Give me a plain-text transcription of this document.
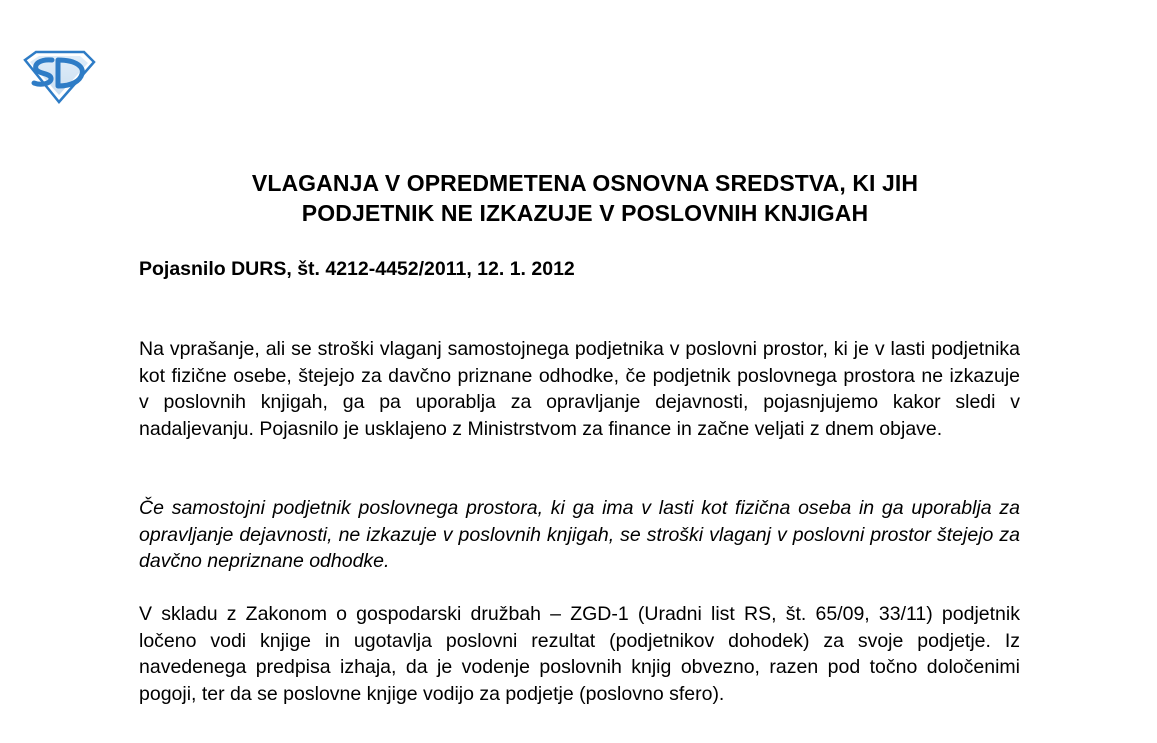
VLAGANJA V OPREDMETENA OSNOVNA SREDSTVA, KI JIH
PODJETNIK NE IZKAZUJE V POSLOVNIH KNJIGAH
Pojasnilo DURS, št. 4212-4452/2011, 12. 1. 2012

Na vprašanje, ali se stroški vlaganj samostojnega podjetnika v poslovni prostor, ki je v lasti podjetnika kot fizične osebe, štejejo za davčno priznane odhodke, če podjetnik poslovnega prostora ne izkazuje v poslovnih knjigah, ga pa uporablja za opravljanje dejavnosti, pojasnjujemo kakor sledi v nadaljevanju. Pojasnilo je usklajeno z Ministrstvom za finance in začne veljati z dnem objave.

Če samostojni podjetnik poslovnega prostora, ki ga ima v lasti kot fizična oseba in ga uporablja za opravljanje dejavnosti, ne izkazuje v poslovnih knjigah, se stroški vlaganj v poslovni prostor štejejo za davčno nepriznane odhodke.

V skladu z Zakonom o gospodarski družbah – ZGD-1 (Uradni list RS, št. 65/09, 33/11) podjetnik ločeno vodi knjige in ugotavlja poslovni rezultat (podjetnikov dohodek) za svoje podjetje. Iz navedenega predpisa izhaja, da je vodenje poslovnih knjig obvezno, razen pod točno določenimi pogoji, ter da se poslovne knjige vodijo za podjetje (poslovno sfero).
